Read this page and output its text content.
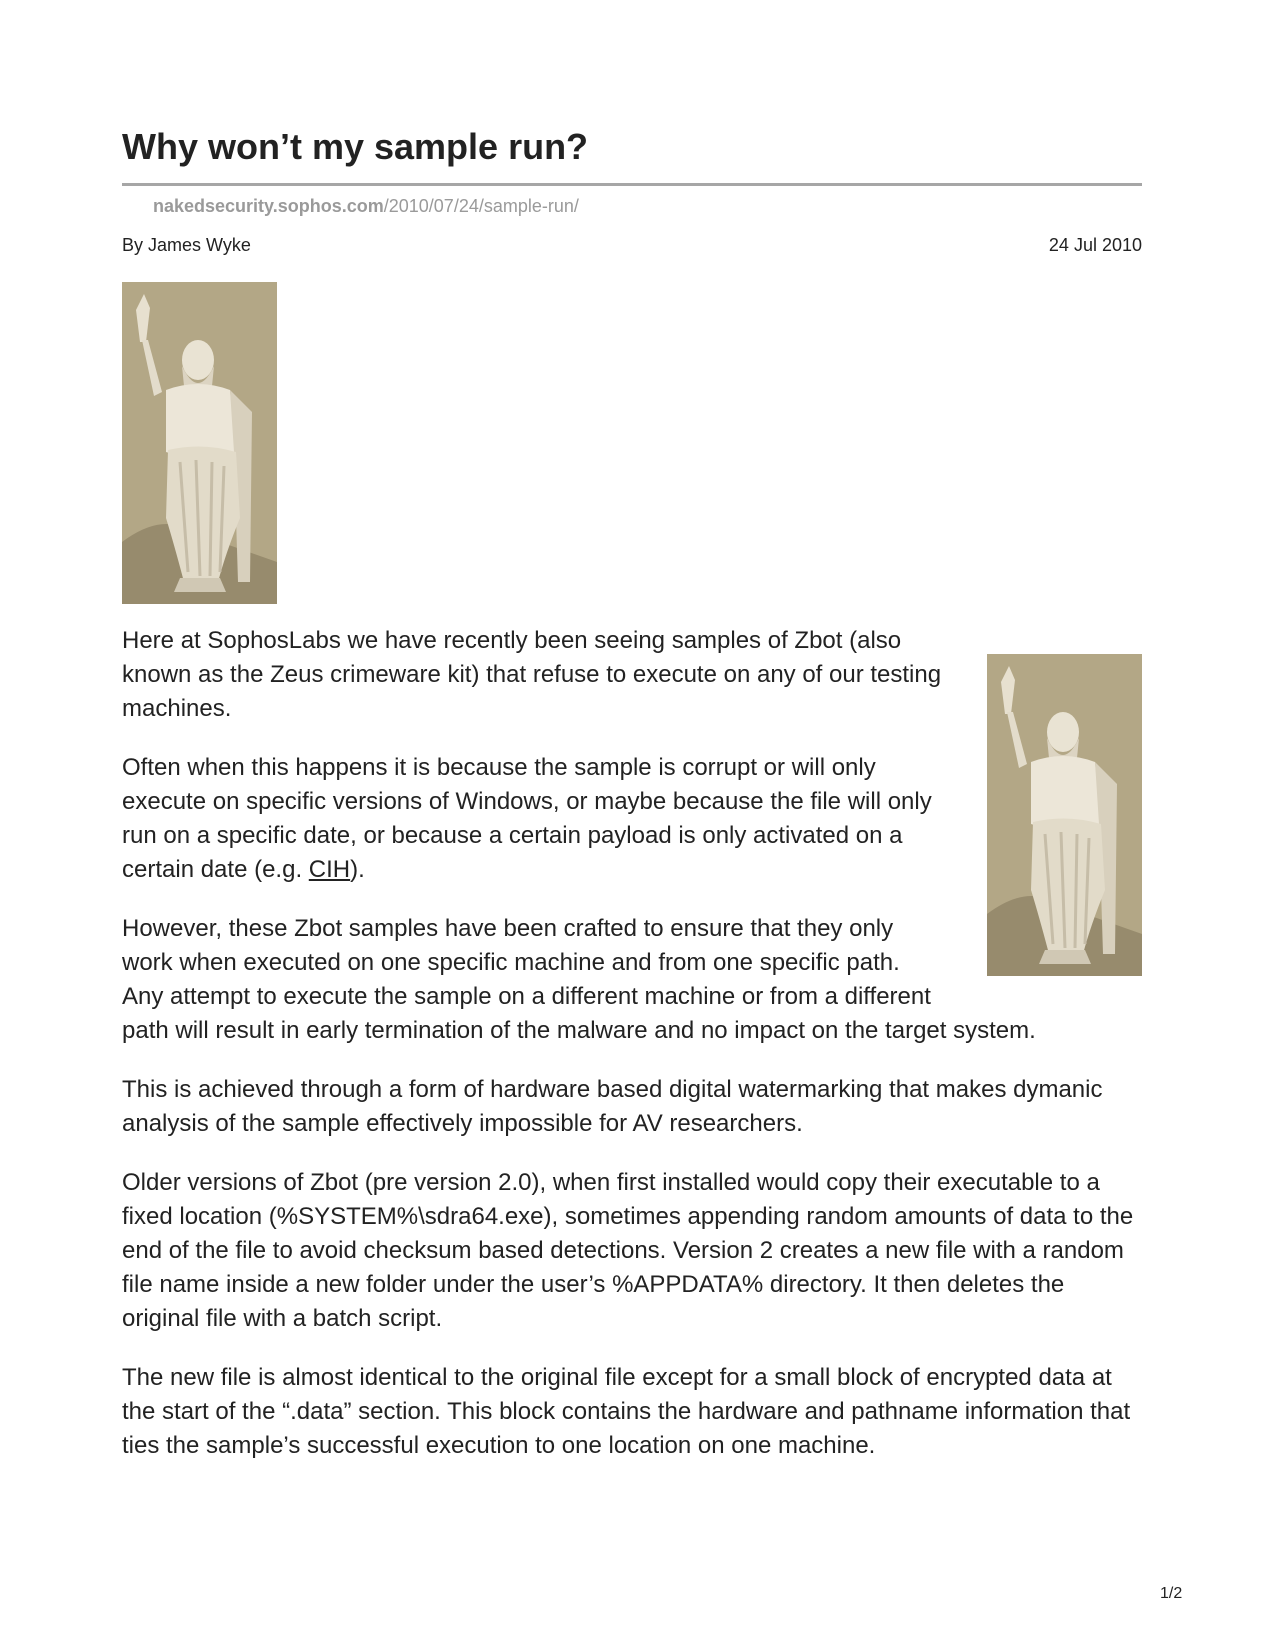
Why won’t my sample run?
nakedsecurity.sophos.com/2010/07/24/sample-run/
By James Wyke	24 Jul 2010

Here at SophosLabs we have recently been seeing samples of Zbot (also known as the Zeus crimeware kit) that refuse to execute on any of our testing machines.

Often when this happens it is because the sample is corrupt or will only execute on specific versions of Windows, or maybe because the file will only run on a specific date, or because a certain payload is only activated on a certain date (e.g. CIH).

However, these Zbot samples have been crafted to ensure that they only
work when executed on one specific machine and from one specific path.
Any attempt to execute the sample on a different machine or from a different
path will result in early termination of the malware and no impact on the target system.

This is achieved through a form of hardware based digital watermarking that makes dymanic analysis of the sample effectively impossible for AV researchers.

Older versions of Zbot (pre version 2.0), when first installed would copy their executable to a fixed location (%SYSTEM%\sdra64.exe), sometimes appending random amounts of data to the end of the file to avoid checksum based detections. Version 2 creates a new file with a random file name inside a new folder under the user’s %APPDATA% directory. It then deletes the original file with a batch script.

The new file is almost identical to the original file except for a small block of encrypted data at the start of the “.data” section. This block contains the hardware and pathname information that ties the sample’s successful execution to one location on one machine.

1/2
